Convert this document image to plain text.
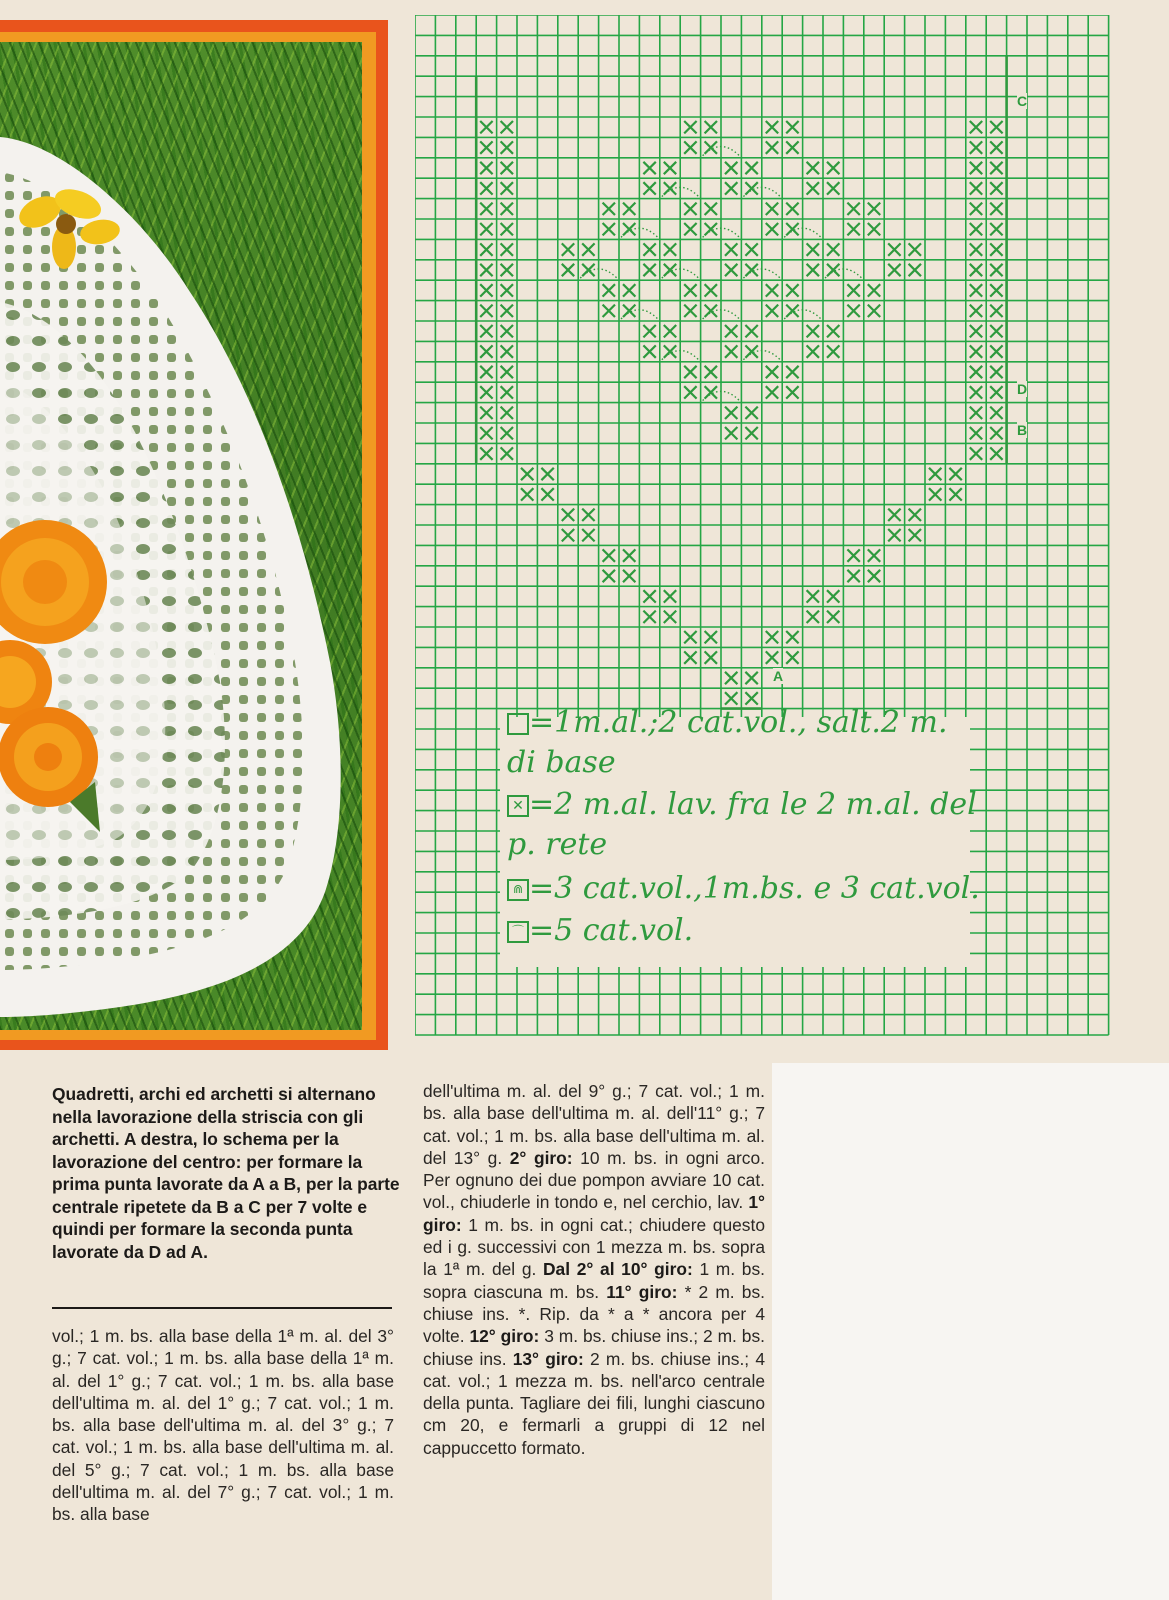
A
B
C
D
=1m.al.;2 cat.vol., salt.2 m.
di base
✕ =2 m.al. lav. fra le 2 m.al. del
p. rete
⋒ =3 cat.vol.,1m.bs. e 3 cat.vol.
⌒ =5 cat.vol.
Quadretti, archi ed archetti si alternano nella lavorazione della striscia con gli archetti. A destra, lo schema per la lavorazione del centro: per formare la prima punta lavorate da A a B, per la parte centrale ripetete da B a C per 7 volte e quindi per formare la seconda punta lavorate da D ad A.

vol.; 1 m. bs. alla base della 1ª m. al. del 3° g.; 7 cat. vol.; 1 m. bs. alla base della 1ª m. al. del 1° g.; 7 cat. vol.; 1 m. bs. alla base dell'ultima m. al. del 1° g.; 7 cat. vol.; 1 m. bs. alla base dell'ultima m. al. del 3° g.; 7 cat. vol.; 1 m. bs. alla base dell'ultima m. al. del 5° g.; 7 cat. vol.; 1 m. bs. alla base dell'ultima m. al. del 7° g.; 7 cat. vol.; 1 m. bs. alla base

dell'ultima m. al. del 9° g.; 7 cat. vol.; 1 m. bs. alla base dell'ultima m. al. dell'11° g.; 7 cat. vol.; 1 m. bs. alla base dell'ultima m. al. del 13° g. 2° giro: 10 m. bs. in ogni arco. Per ognuno dei due pompon avviare 10 cat. vol., chiuderle in tondo e, nel cerchio, lav. 1° giro: 1 m. bs. in ogni cat.; chiudere questo ed i g. successivi con 1 mezza m. bs. sopra la 1ª m. del g. Dal 2° al 10° giro: 1 m. bs. sopra ciascuna m. bs. 11° giro: * 2 m. bs. chiuse ins. *. Rip. da * a * ancora per 4 volte. 12° giro: 3 m. bs. chiuse ins.; 2 m. bs. chiuse ins. 13° giro: 2 m. bs. chiuse ins.; 4 cat. vol.; 1 mezza m. bs. nell'arco centrale della punta. Tagliare dei fili, lunghi ciascuno cm 20, e fermarli a gruppi di 12 nel cappuccetto formato.
